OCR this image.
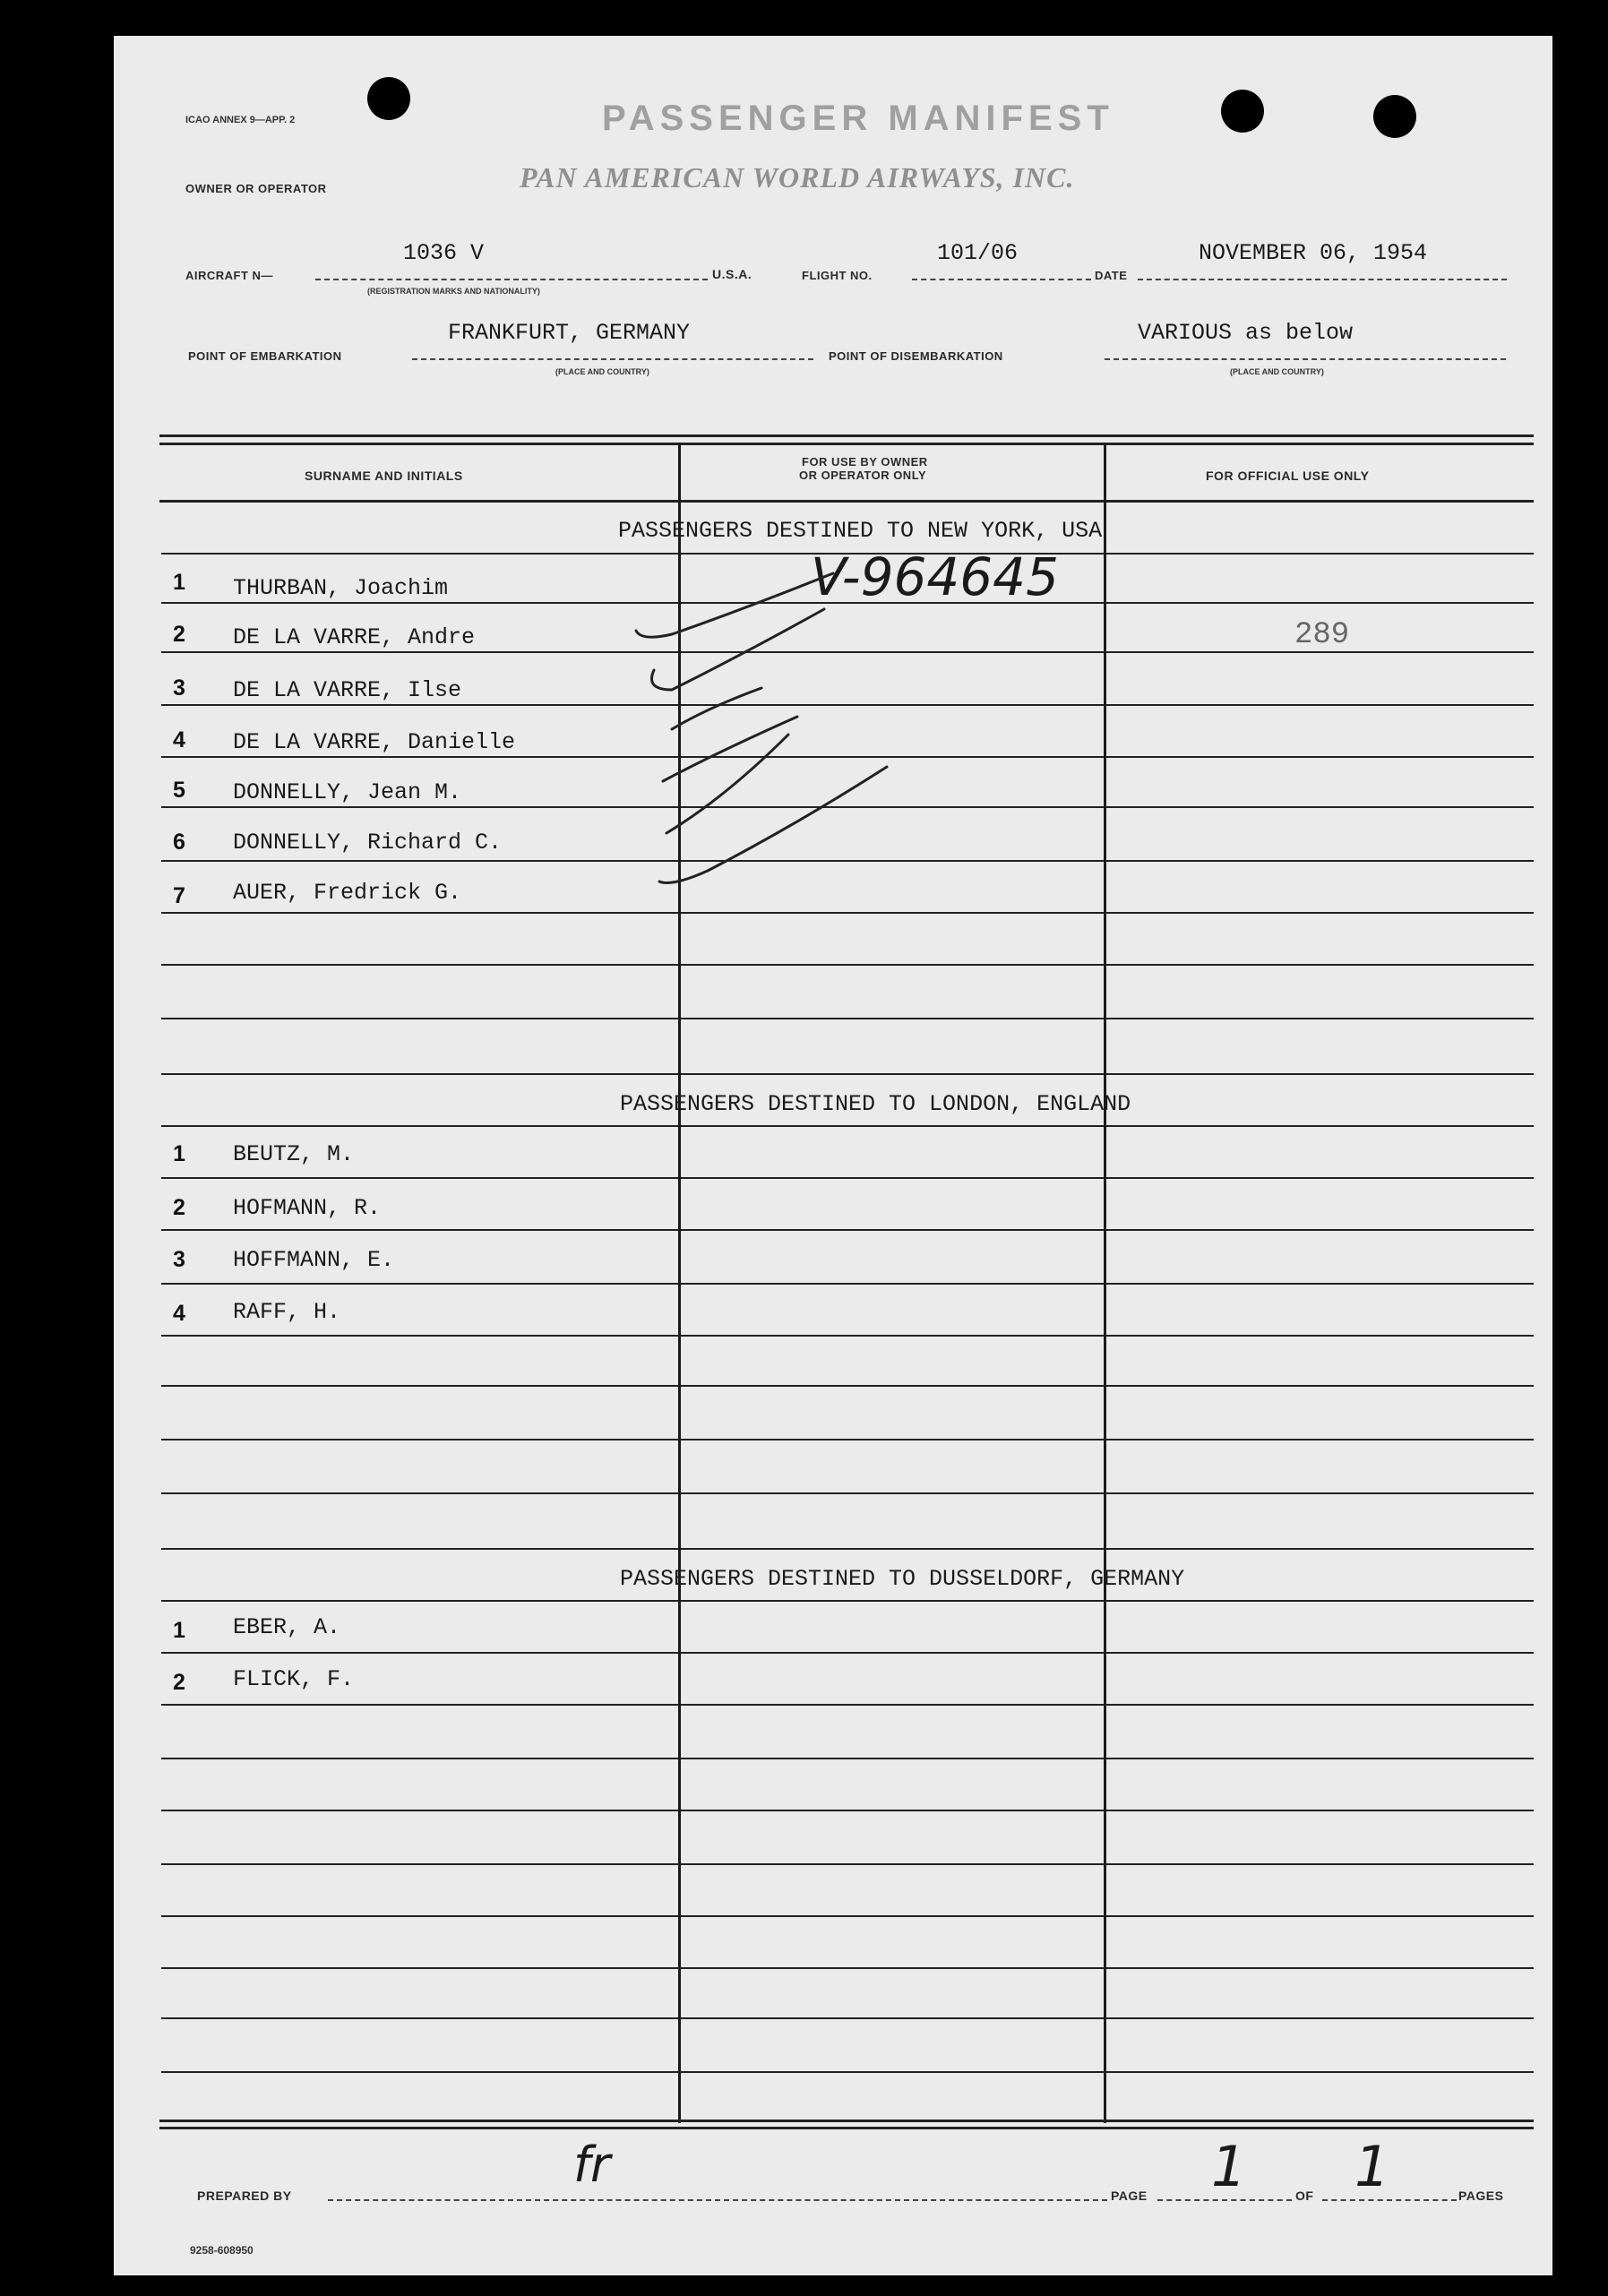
ICAO ANNEX 9—APP. 2	PASSENGER MANIFEST
OWNER OR OPERATOR	PAN AMERICAN WORLD AIRWAYS, INC.
AIRCRAFT N—
1036 V
(REGISTRATION MARKS AND NATIONALITY)
U.S.A.	FLIGHT NO.
101/06
DATE
NOVEMBER 06, 1954
POINT OF EMBARKATION
FRANKFURT, GERMANY
(PLACE AND COUNTRY)
POINT OF DISEMBARKATION
VARIOUS as below
(PLACE AND COUNTRY)
SURNAME AND INITIALS
FOR USE BY OWNER
OR OPERATOR ONLY	FOR OFFICIAL USE ONLY
PASSENGERS DESTINED TO NEW YORK, USA
1 THURBAN, Joachim
2 DE LA VARRE, Andre
3 DE LA VARRE, Ilse
4 DE LA VARRE, Danielle
5 DONNELLY, Jean M.
6 DONNELLY, Richard C.
7 AUER, Fredrick G.
PASSENGERS DESTINED TO LONDON, ENGLAND
1 BEUTZ, M.
2 HOFMANN, R.
3 HOFFMANN, E.
4 RAFF, H.
PASSENGERS DESTINED TO DUSSELDORF, GERMANY
1 EBER, A.
2 FLICK, F.
V-964645
289
PREPARED BY
fr
PAGE 1	OF 1	PAGES
9258-608950
